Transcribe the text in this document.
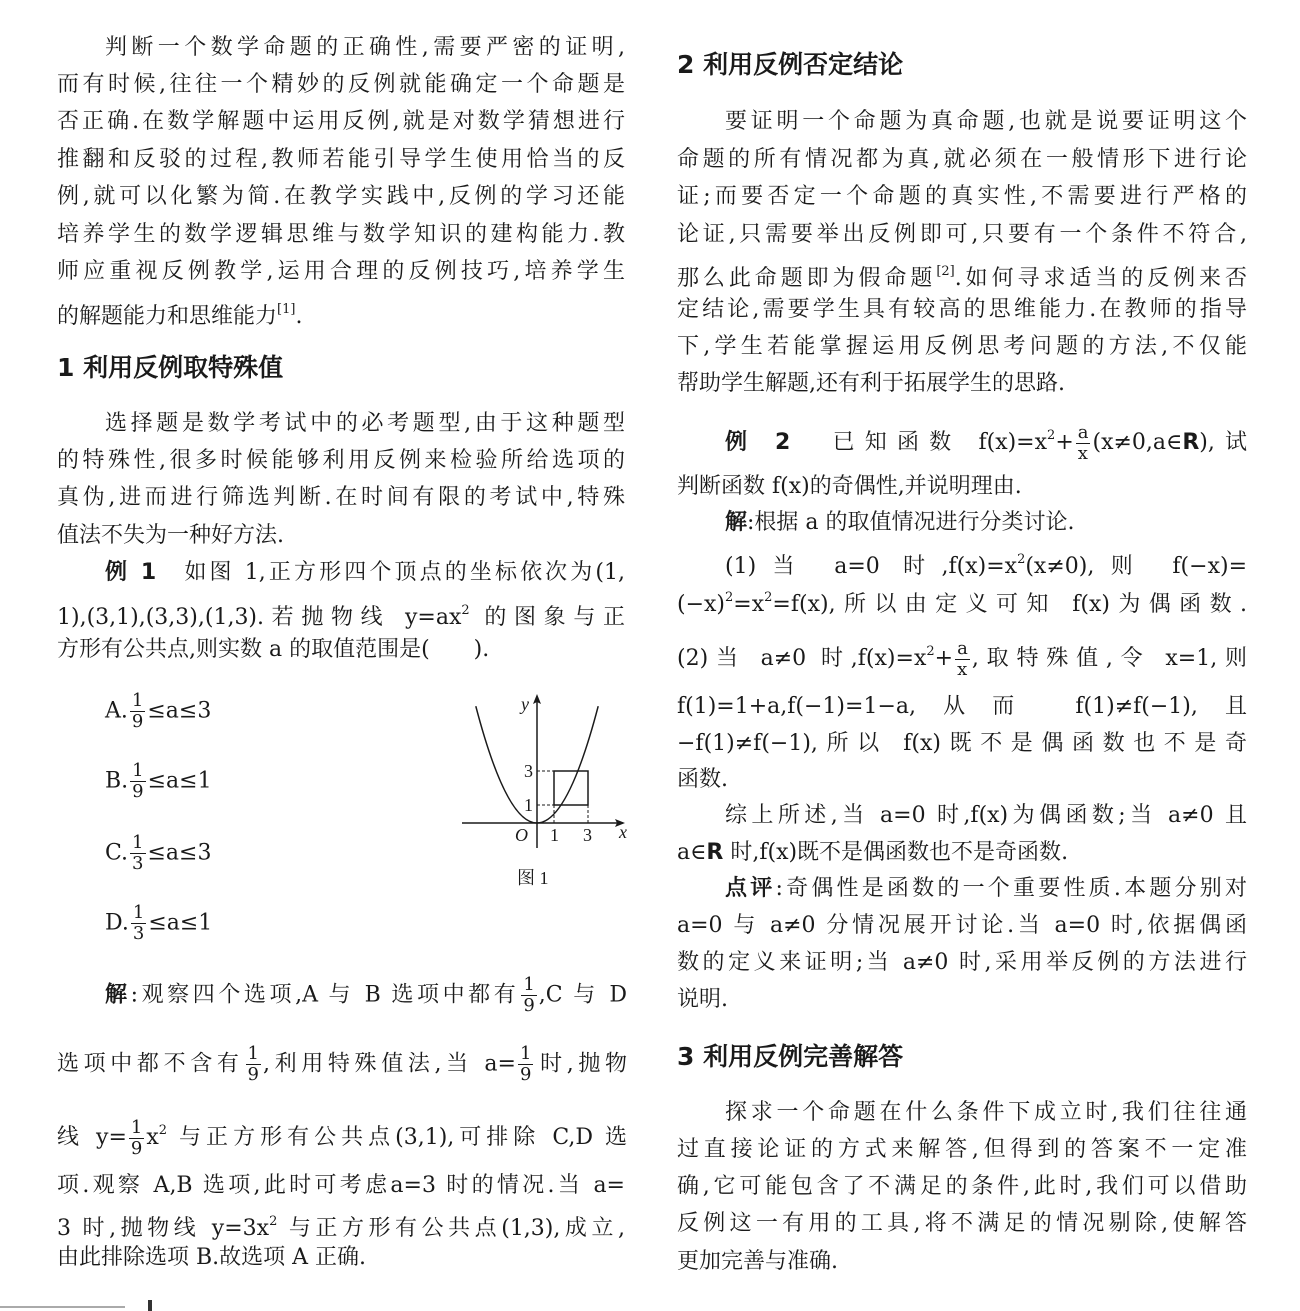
1 利用反例取特殊值
2 利用反例否定结论
3 利用反例完善解答
判断一个数学命题的正确性,需要严密的证明,
而有时候,往往一个精妙的反例就能确定一个命题是
否正确.在数学解题中运用反例,就是对数学猜想进行
推翻和反驳的过程,教师若能引导学生使用恰当的反
例,就可以化繁为简.在教学实践中,反例的学习还能
培养学生的数学逻辑思维与数学知识的建构能力.教
师应重视反例教学,运用合理的反例技巧,培养学生
的解题能力和思维能力[1].
选择题是数学考试中的必考题型,由于这种题型
的特殊性,很多时候能够利用反例来检验所给选项的
真伪,进而进行筛选判断.在时间有限的考试中,特殊
值法不失为一种好方法.
例 1　如图 1,正方形四个顶点的坐标依次为(1,
1),(3,1),(3,3),(1,3).若抛物线 $y=ax^2$ 的图象与正
方形有公共点,则实数 a 的取值范围是(　　).
A. $\frac{1}{9} \le a\le 3$
B. $\frac{1}{9} \le a\le 1$
C. $\frac{1}{3} \le a\le 3$
D. $\frac{1}{3} \le a\le 1$
解:观察四个选项,A 与 B 选项中都有 $\frac{1}{9} ,C$ 与 D
选项中都不含有 $\frac{1}{9}$ ,利用特殊值法,当 $a= \frac{1}{9}$ 时,抛物
线 $y= \frac{1}{9} x^2$ 与正方形有公共点(3,1),可排除 C,D 选
项.观察 A,B 选项,此时可考虑a=3 时的情况.当 a=
3 时,抛物线 $y=3x^2$ 与正方形有公共点(1,3),成立,
由此排除选项 B.故选项 A 正确.
要证明一个命题为真命题,也就是说要证明这个
命题的所有情况都为真,就必须在一般情形下进行论
证;而要否定一个命题的真实性,不需要进行严格的
论证,只需要举出反例即可,只要有一个条件不符合,
那么此命题即为假命题[2].如何寻求适当的反例来否
定结论,需要学生具有较高的思维能力.在教师的指导
下,学生若能掌握运用反例思考问题的方法,不仅能
帮助学生解题,还有利于拓展学生的思路.
例 2　已知函数 $f(x)=x^2+ \frac{a}{x}$ (x≠0,a∈R),试
判断函数 f(x)的奇偶性,并说明理由.
解:根据 a 的取值情况进行分类讨论.
(1)当 a=0 时$,f(x)=x^2(x\ne 0)$,则 f(−x)=
$(-x)^2=x^2=f(x)$,所以由定义可知 f(x)为偶函数.
(2)当 a≠0 时$,f(x)=x^2+ \frac{a}{x}$ ,取特殊值,令 x=1,则
f(1)=1+a,f(−1)=1−a,从而 f(1)≠f(−1),且
−f(1)≠f(−1),所以 f(x)既不是偶函数也不是奇
函数.
综上所述,当 a=0 时,f(x)为偶函数;当 a≠0 且
a∈R 时,f(x)既不是偶函数也不是奇函数.
点评:奇偶性是函数的一个重要性质.本题分别对
a=0 与 a≠0 分情况展开讨论.当 a=0 时,依据偶函
数的定义来证明;当 a≠0 时,采用举反例的方法进行
说明.
探求一个命题在什么条件下成立时,我们往往通
过直接论证的方式来解答,但得到的答案不一定准
确,它可能包含了不满足的条件,此时,我们可以借助
反例这一有用的工具,将不满足的情况剔除,使解答
更加完善与准确.
y
x
O
3
1
1 3
图 1
